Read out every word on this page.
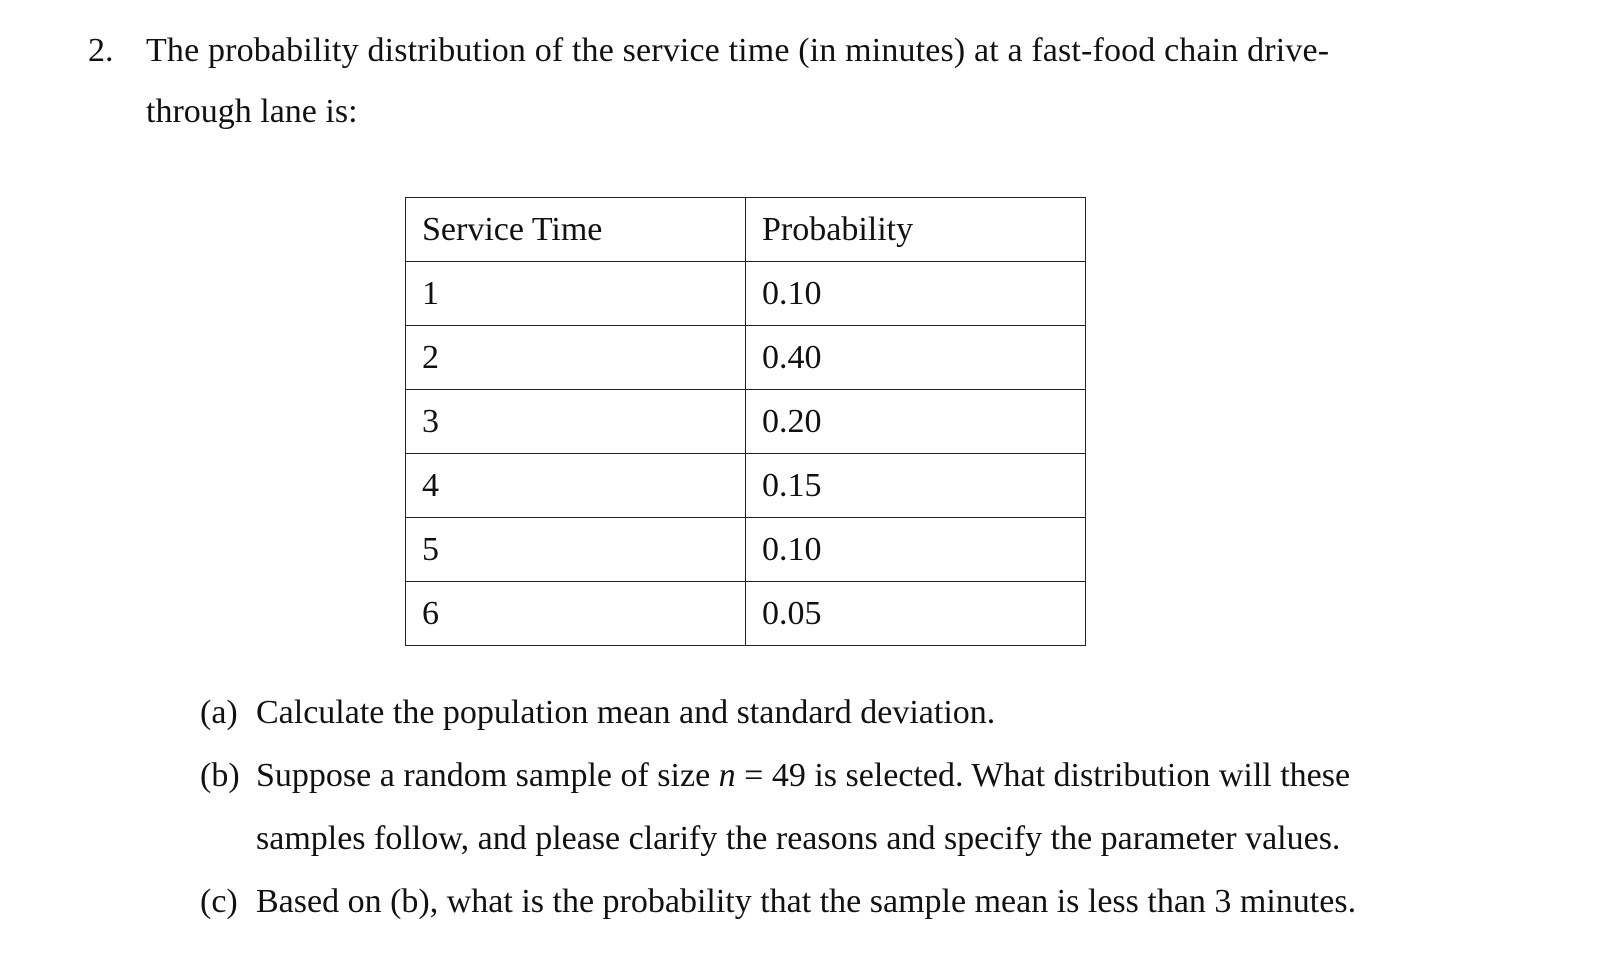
2. The probability distribution of the service time (in minutes) at a fast-food chain drive-
through lane is:
Service Time	Probability
1	0.10
2	0.40
3	0.20
4	0.15
5	0.10
6	0.05
(a) Calculate the population mean and standard deviation.
(b) Suppose a random sample of size n = 49 is selected. What distribution will these
samples follow, and please clarify the reasons and specify the parameter values.
(c) Based on (b), what is the probability that the sample mean is less than 3 minutes.
